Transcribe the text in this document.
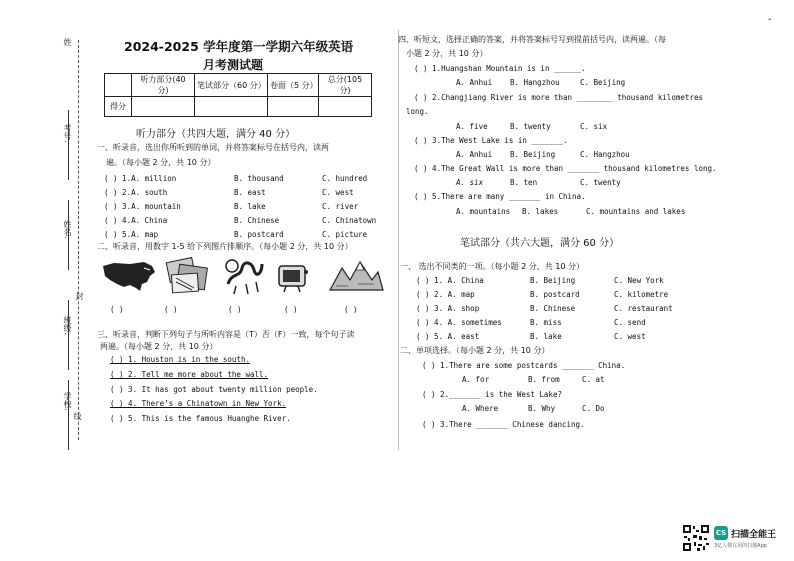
-
姓
封
线
2024-2025 学年度第一学期六年级英语
月考测试题
	听力部分(40 分)	笔试部分（60 分）	卷面（5 分）	总分(105 分)
得分				
听力部分（共四大题，满分 40 分）
一、听录音，选出你所听到的单词，并将答案标号在括号内，读两
遍。（每小题 2 分，共 10 分）
( ) 1.A. million	B. thousand	C. hundred
( ) 2.A. south	B. east	C. west
( ) 3.A. mountain	B. lake	C. river
( ) 4.A. China	B. Chinese	C. Chinatown
( ) 5.A. map	B. postcard	C. picture
二、听录音，用数字 1-5 给下列图片排顺序。（每小题 2 分，共 10 分）
( )	( )	( )	( )	( )
三、听录音，判断下列句子与所听内容是（T）否（F）一致，每个句子读
两遍。（每小题 2 分，共 10 分）
( ) 1. Houston is in the south.
( ) 2. Tell me more about the wall.
( ) 3. It has got about twenty million people.
( ) 4. There’s a Chinatown in New York.
( ) 5. This is the famous Huanghe River.
四、听短文，选择正确的答案，并将答案标号写到提前括号内，读两遍。（每
小题 2 分，共 10 分）
( ) 1.Huangshan Mountain is in ______.
A. Anhui B. Hangzhou	C. Beijing
( ) 2.Changjiang River is more than ________ thousand kilometres
long.
A. five	B. twenty	C. six
( ) 3.The West Lake is in _______.
A. Anhui B. Beijing	C. Hangzhou
( ) 4.The Great Wall is more than _______ thousand kilometres long.
A. six	B. ten	C. twenty
( ) 5.There are many _______ in China.
A. mountains B. lakes	C. mountains and lakes
笔试部分（共六大题，满分 60 分）
一、 选出不同类的一项。（每小题 2 分，共 10 分）
( ) 1. A. China	B. Beijing	C. New York
( ) 2. A. map	B. postcard	C. kilometre
( ) 3. A. shop	B. Chinese	C. restaurant
( ) 4. A. sometimes	B. miss	C. send
( ) 5. A. east	B. lake	C. west
二、单项选择。（每小题 2 分，共 10 分）
( ) 1.There are some postcards _______ China.
A. for	B. from	C. at
( ) 2._______ is the West Lake?
A. Where	B. Why	C. Do
( ) 3.There _______ Chinese dancing.
CS 扫描全能王
3亿人都在用的扫描App
